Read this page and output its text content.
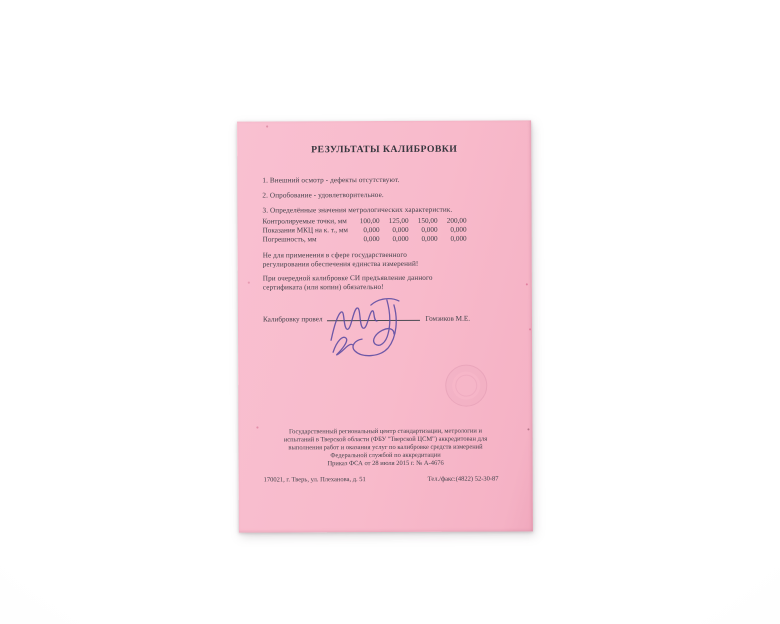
РЕЗУЛЬТАТЫ КАЛИБРОВКИ
1. Внешний осмотр - дефекты отсутствуют.
2. Опробование - удовлетворительное.
3. Определённые значения метрологических характеристик.
Контролируемые точки, мм	100,00	125,00	150,00	200,00
Показания МКЦ на к. т., мм	0,000	0,000	0,000	0,000
Погрешность, мм	0,000	0,000	0,000	0,000
Не для применения в сфере государственного регулирования обеспечения единства измерений!
При очередной калибровке СИ предъявление данного сертификата (или копии) обязательно!
Калибровку провел	Гомзиков М.Е.
Государственный региональный центр стандартизации, метрологии и
испытаний в Тверской области (ФБУ "Тверской ЦСМ") аккредитован для
выполнения работ и оказания услуг по калибровке средств измерений
Федеральной службой по аккредитации
Приказ ФСА от 28 июля 2015 г. № А-4676
170021, г. Тверь, ул. Плеханова, д. 51	Тел./факс:(4822) 52-30-87
